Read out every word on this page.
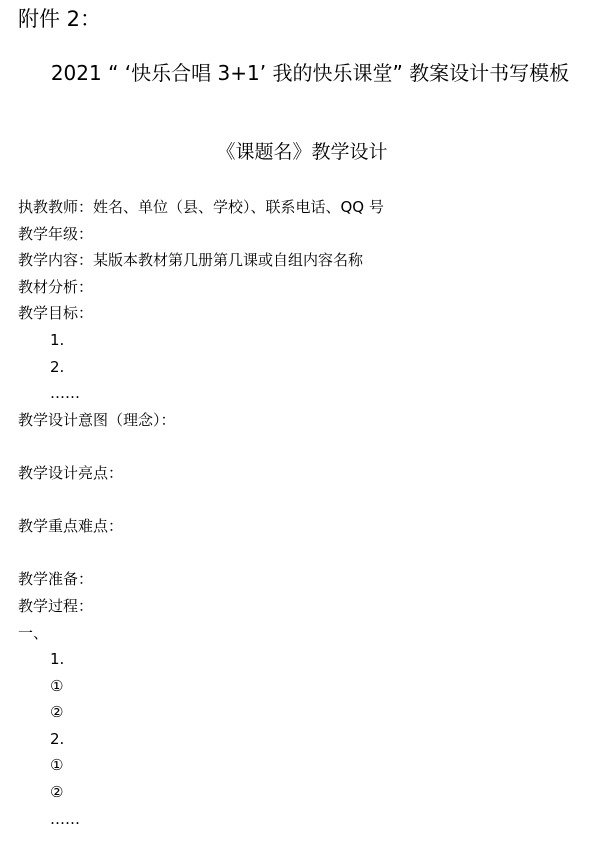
附件 2：

2021 “ ‘快乐合唱 3+1’ 我的快乐课堂” 教案设计书写模板
《课题名》教学设计
执教教师：姓名、单位（县、学校）、联系电话、QQ 号
教学年级：
教学内容：某版本教材第几册第几课或自组内容名称
教材分析：
教学目标：
1.
2.
……
教学设计意图（理念）：
教学设计亮点：
教学重点难点：
教学准备：
教学过程：
一、
1.
①
②
2.
①
②
……
